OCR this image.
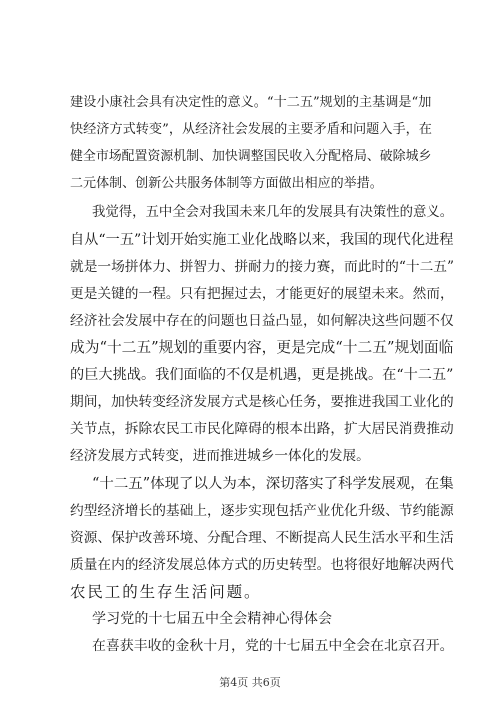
建设小康社会具有决定性的意义。“十二五”规划的主基调是“加
快经济方式转变”，从经济社会发展的主要矛盾和问题入手，在
健全市场配置资源机制、加快调整国民收入分配格局、破除城乡
二元体制、创新公共服务体制等方面做出相应的举措。
我觉得，五中全会对我国未来几年的发展具有决策性的意义。
自从“一五”计划开始实施工业化战略以来，我国的现代化进程
就是一场拼体力、拼智力、拼耐力的接力赛，而此时的“十二五”
更是关键的一程。只有把握过去，才能更好的展望未来。然而，
经济社会发展中存在的问题也日益凸显，如何解决这些问题不仅
成为“十二五”规划的重要内容，更是完成“十二五”规划面临
的巨大挑战。我们面临的不仅是机遇，更是挑战。在“十二五”
期间，加快转变经济发展方式是核心任务，要推进我国工业化的
关节点，拆除农民工市民化障碍的根本出路，扩大居民消费推动
经济发展方式转变，进而推进城乡一体化的发展。
“十二五”体现了以人为本，深切落实了科学发展观，在集
约型经济增长的基础上，逐步实现包括产业优化升级、节约能源
资源、保护改善环境、分配合理、不断提高人民生活水平和生活
质量在内的经济发展总体方式的历史转型。也将很好地解决两代
农民工的生存生活问题。
学习党的十七届五中全会精神心得体会
在喜获丰收的金秋十月，党的十七届五中全会在北京召开。
第4页 共6页
